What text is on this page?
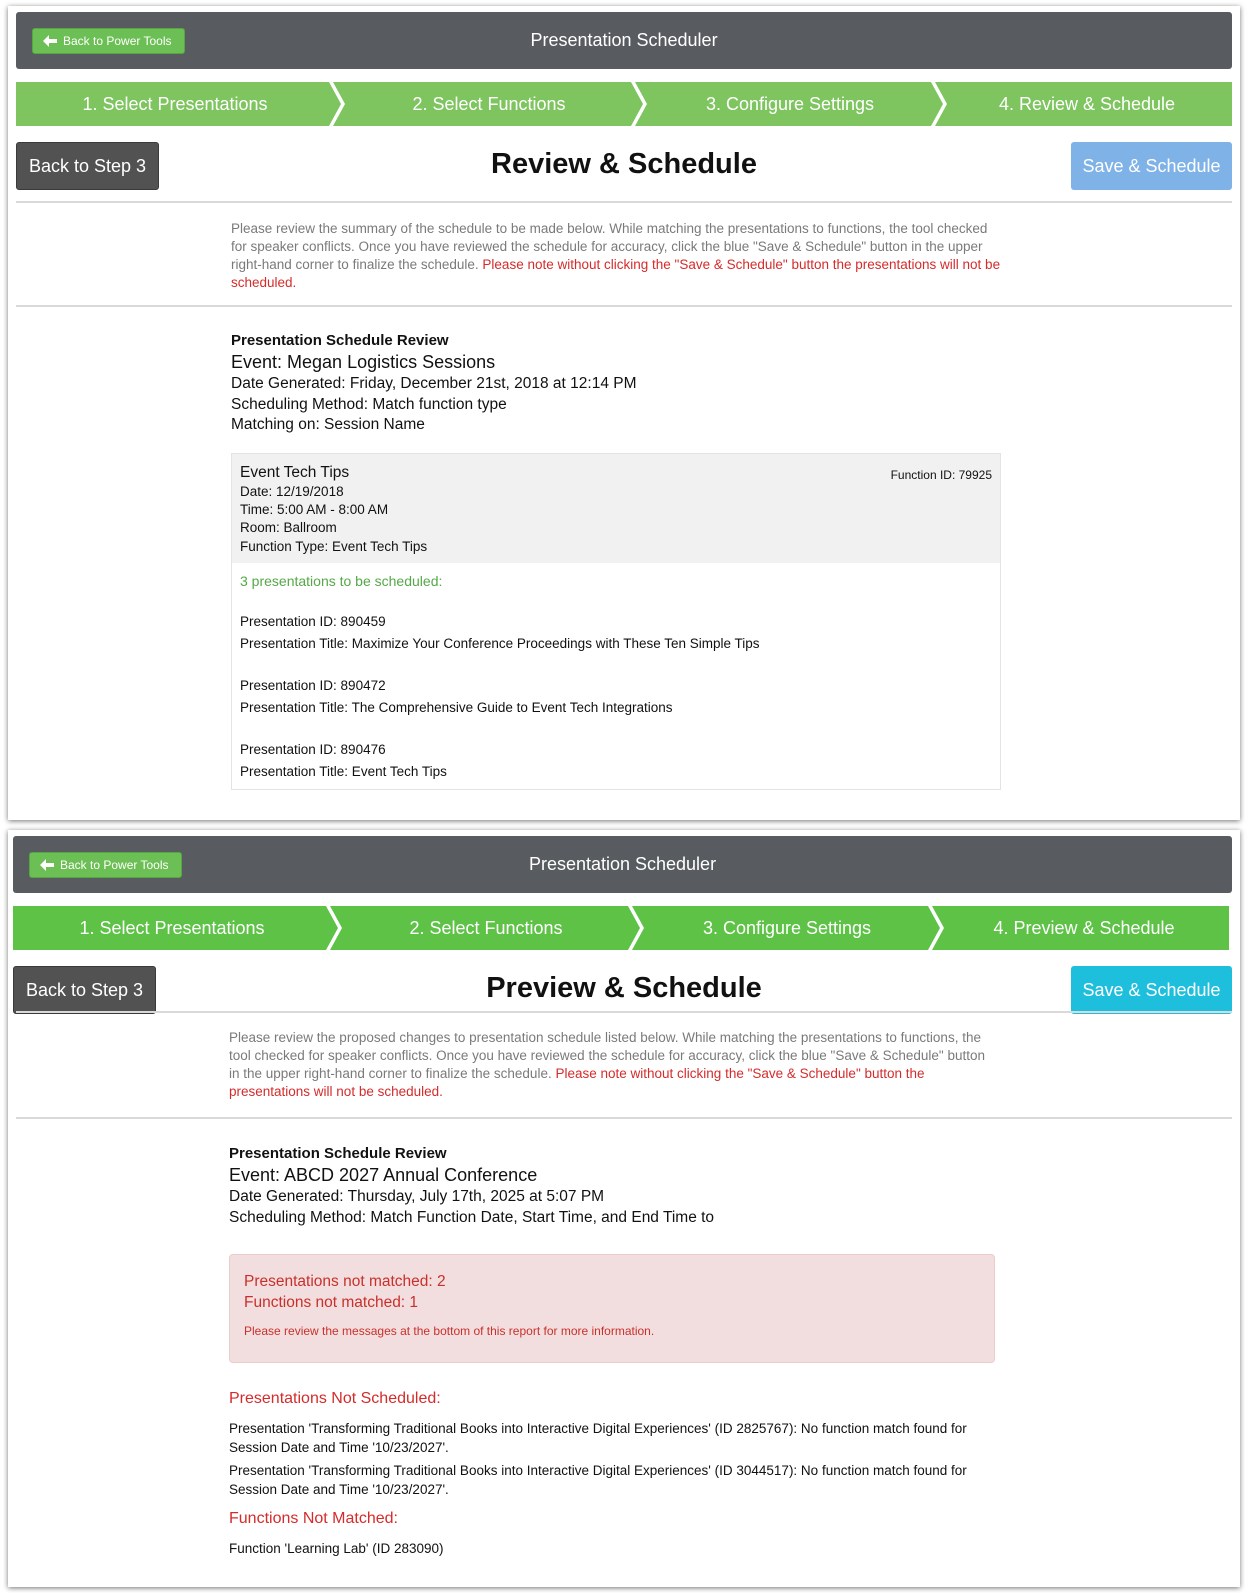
Back to Power Tools	Presentation Scheduler
1. Select Presentations	2. Select Functions	3. Configure Settings	4. Review & Schedule
Review & Schedule
Back to Step 3	Save & Schedule
Please review the summary of the schedule to be made below. While matching the presentations to functions, the tool checked for speaker conflicts. Once you have reviewed the schedule for accuracy, click the blue "Save & Schedule" button in the upper right-hand corner to finalize the schedule. Please note without clicking the "Save & Schedule" button the presentations will not be scheduled.
Presentation Schedule Review
Event: Megan Logistics Sessions
Date Generated: Friday, December 21st, 2018 at 12:14 PM
Scheduling Method: Match function type
Matching on: Session Name
Event Tech Tips	Function ID: 79925
Date: 12/19/2018
Time: 5:00 AM - 8:00 AM
Room: Ballroom
Function Type: Event Tech Tips
3 presentations to be scheduled:
Presentation ID: 890459
Presentation Title: Maximize Your Conference Proceedings with These Ten Simple Tips
Presentation ID: 890472
Presentation Title: The Comprehensive Guide to Event Tech Integrations
Presentation ID: 890476
Presentation Title: Event Tech Tips
Back to Power Tools	Presentation Scheduler
1. Select Presentations	2. Select Functions	3. Configure Settings	4. Preview & Schedule
Preview & Schedule
Back to Step 3	Save & Schedule
Please review the proposed changes to presentation schedule listed below. While matching the presentations to functions, the tool checked for speaker conflicts. Once you have reviewed the schedule for accuracy, click the blue "Save & Schedule" button in the upper right-hand corner to finalize the schedule. Please note without clicking the "Save & Schedule" button the presentations will not be scheduled.
Presentation Schedule Review
Event: ABCD 2027 Annual Conference
Date Generated: Thursday, July 17th, 2025 at 5:07 PM
Scheduling Method: Match Function Date, Start Time, and End Time to
Presentations not matched: 2
Functions not matched: 1
Please review the messages at the bottom of this report for more information.
Presentations Not Scheduled:
Presentation 'Transforming Traditional Books into Interactive Digital Experiences' (ID 2825767): No function match found for Session Date and Time '10/23/2027'.
Presentation 'Transforming Traditional Books into Interactive Digital Experiences' (ID 3044517): No function match found for Session Date and Time '10/23/2027'.
Functions Not Matched:
Function 'Learning Lab' (ID 283090)
